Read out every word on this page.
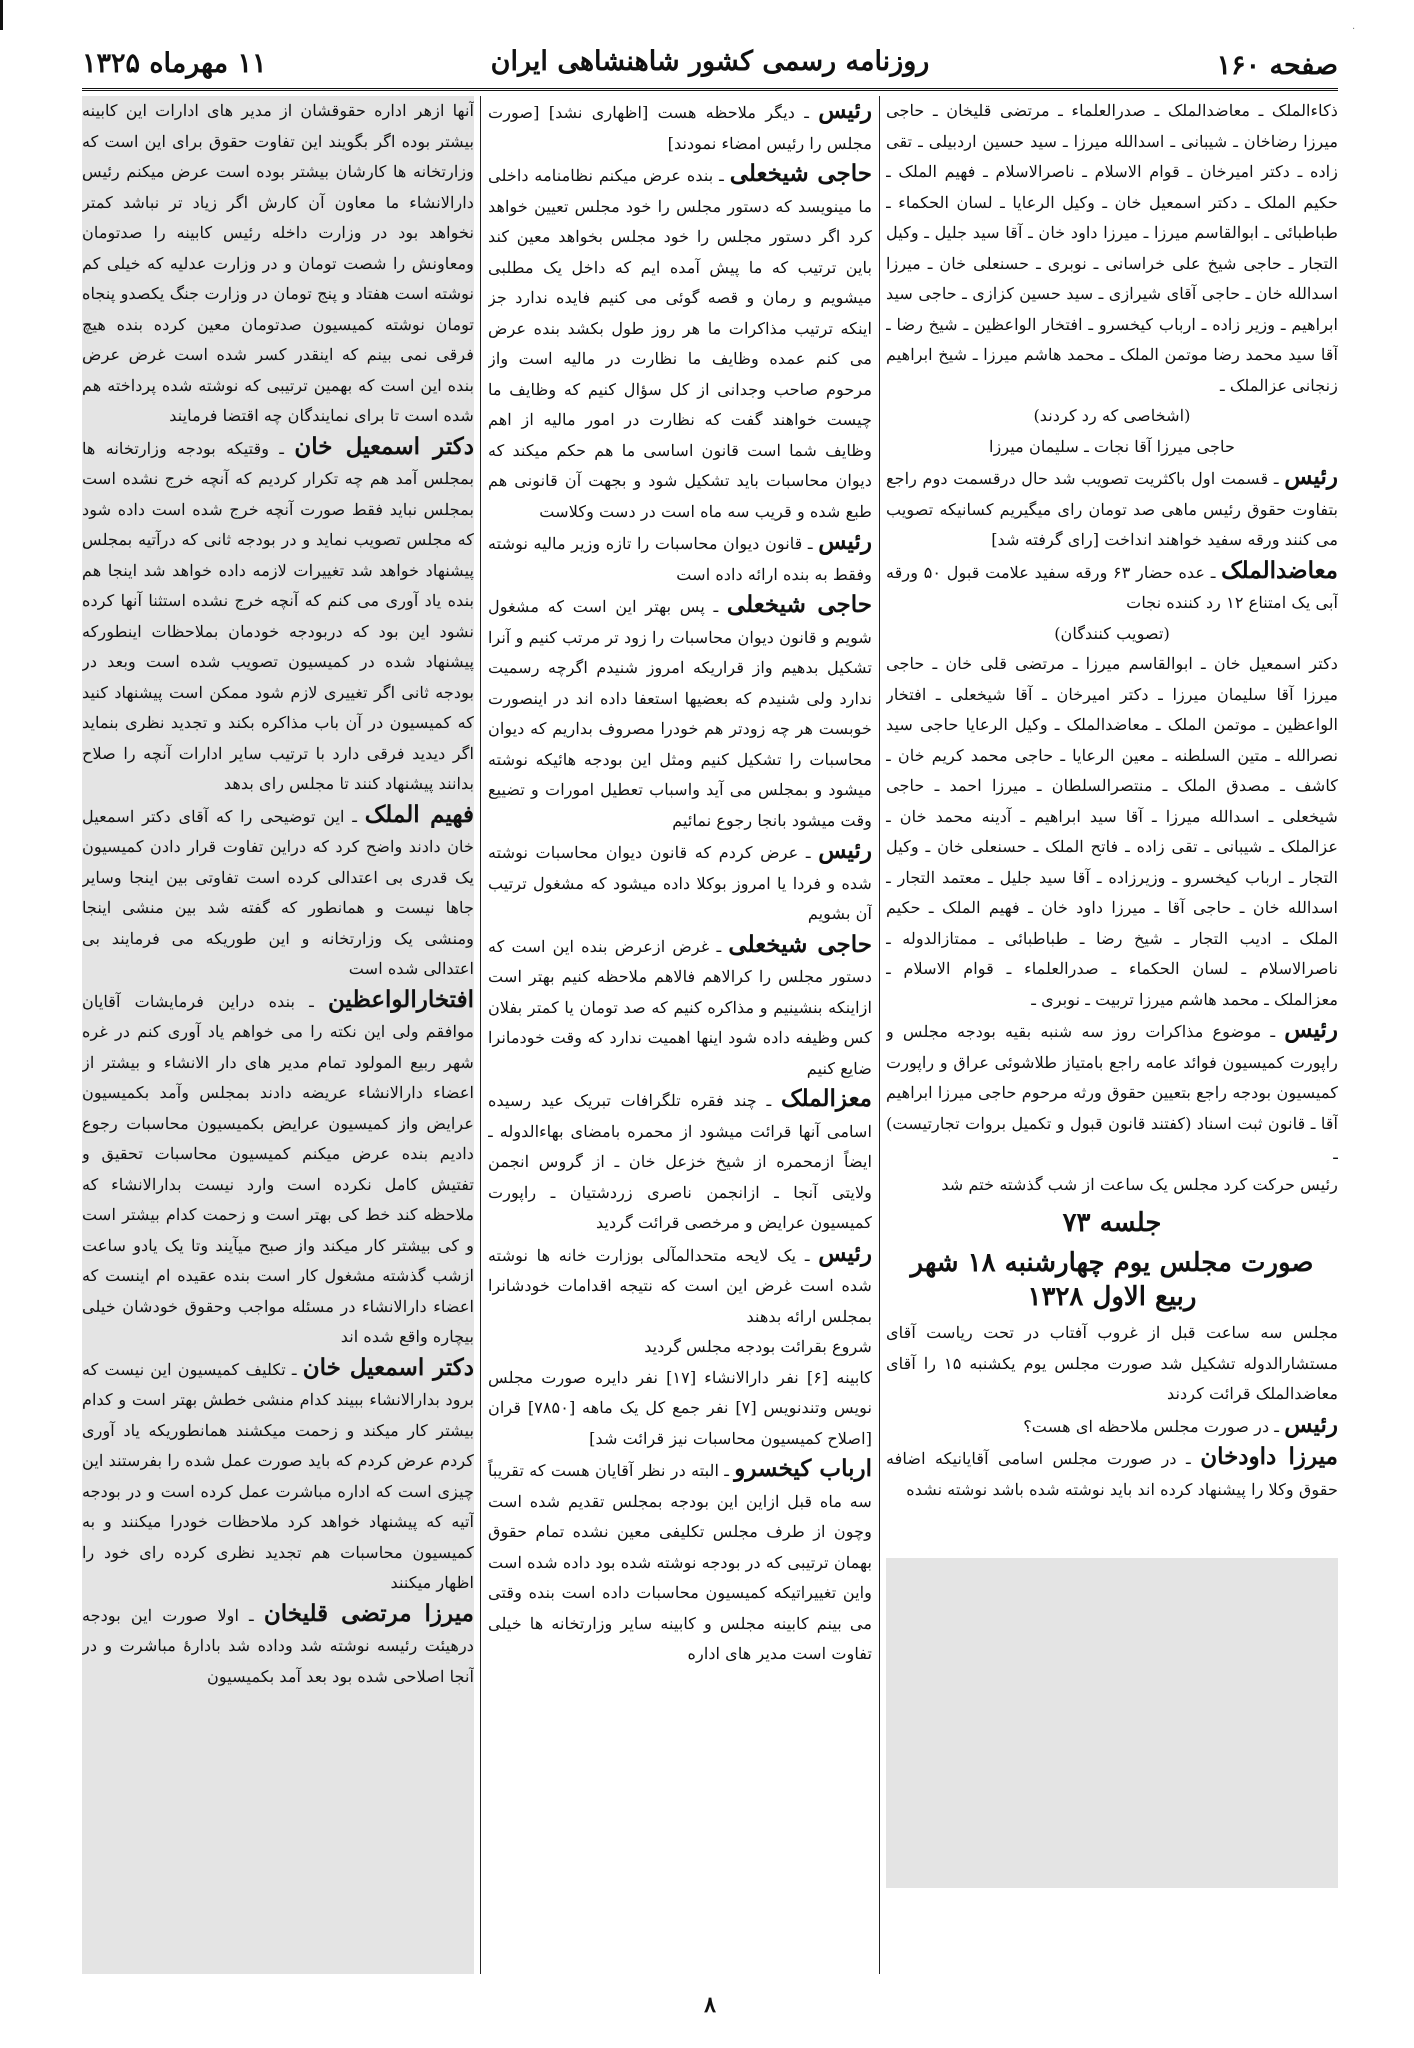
·
۱۱ مهرماه ۱۳۲۵	روزنامه رسمی کشور شاهنشاهی ایران	صفحه ۱۶۰

ذکاءالملک ـ معاضدالملک ـ صدرالعلماء ـ مرتضی قلیخان ـ حاجی میرزا رضاخان ـ شیبانی ـ اسدالله میرزا ـ سید حسین اردبیلی ـ تقی زاده ـ دکتر امیرخان ـ قوام الاسلام ـ ناصرالاسلام ـ فهیم الملک ـ حکیم الملک ـ دکتر اسمعیل خان ـ وکیل الرعایا ـ لسان الحکماء ـ طباطبائی ـ ابوالقاسم میرزا ـ میرزا داود خان ـ آقا سید جلیل ـ وکیل التجار ـ حاجی شیخ علی خراسانی ـ نوبری ـ حسنعلی خان ـ میرزا اسدالله خان ـ حاجی آقای شیرازی ـ سید حسین کزازی ـ حاجی سید ابراهیم ـ وزیر زاده ـ ارباب کیخسرو ـ افتخار الواعظین ـ شیخ رضا ـ آقا سید محمد رضا موتمن الملک ـ محمد هاشم میرزا ـ شیخ ابراهیم زنجانی عزالملک ـ

(اشخاصی که رد کردند)

حاجی میرزا آقا نجات ـ سلیمان میرزا

رئیس ـ قسمت اول باکثریت تصویب شد حال درقسمت دوم راجع بتفاوت حقوق رئیس ماهی صد تومان رای میگیریم کسانیکه تصویب می کنند ورقه سفید خواهند انداخت [رای گرفته شد]

معاضدالملک ـ عده حضار ۶۳ ورقه سفید علامت قبول ۵۰ ورقه آبی یک امتناع ۱۲ رد کننده نجات

(تصویب کنندگان)

دکتر اسمعیل خان ـ ابوالقاسم میرزا ـ مرتضی قلی خان ـ حاجی میرزا آقا سلیمان میرزا ـ دکتر امیرخان ـ آقا شیخعلی ـ افتخار الواعظین ـ موتمن الملک ـ معاضدالملک ـ وکیل الرعایا حاجی سید نصرالله ـ متین السلطنه ـ معین الرعایا ـ حاجی محمد کریم خان ـ کاشف ـ مصدق الملک ـ منتصرالسلطان ـ میرزا احمد ـ حاجی شیخعلی ـ اسدالله میرزا ـ آقا سید ابراهیم ـ آدینه محمد خان ـ عزالملک ـ شیبانی ـ تقی زاده ـ فاتح الملک ـ حسنعلی خان ـ وکیل التجار ـ ارباب کیخسرو ـ وزیرزاده ـ آقا سید جلیل ـ معتمد التجار ـ اسدالله خان ـ حاجی آقا ـ میرزا داود خان ـ فهیم الملک ـ حکیم الملک ـ ادیب التجار ـ شیخ رضا ـ طباطبائی ـ ممتازالدوله ـ ناصرالاسلام ـ لسان الحکماء ـ صدرالعلماء ـ قوام الاسلام ـ معزالملک ـ محمد هاشم میرزا تربیت ـ نوبری ـ

رئیس ـ موضوع مذاکرات روز سه شنبه بقیه بودجه مجلس و راپورت کمیسیون فوائد عامه راجع بامتیاز طلاشوئی عراق و راپورت کمیسیون بودجه راجع بتعیین حقوق ورثه مرحوم حاجی میرزا ابراهیم آقا ـ قانون ثبت اسناد (کفتند قانون قبول و تکمیل بروات تجارتیست) ـ

رئیس حرکت کرد مجلس یک ساعت از شب گذشته ختم شد

جلسه ۷۳
صورت مجلس یوم چهارشنبه ۱۸ شهر ربیع الاول ۱۳۲۸

مجلس سه ساعت قبل از غروب آفتاب در تحت ریاست آقای مستشارالدوله تشکیل شد صورت مجلس یوم یکشنبه ۱۵ را آقای معاضدالملک قرائت کردند

رئیس ـ در صورت مجلس ملاحظه ای هست؟

میرزا داودخان ـ در صورت مجلس اسامی آقایانیکه اضافه حقوق وکلا را پیشنهاد کرده اند باید نوشته شده باشد نوشته نشده

رئیس ـ دیگر ملاحظه هست [اظهاری نشد] [صورت مجلس را رئیس امضاء نمودند]

حاجی شیخعلی ـ بنده عرض میکنم نظامنامه داخلی ما مینویسد که دستور مجلس را خود مجلس تعیین خواهد کرد اگر دستور مجلس را خود مجلس بخواهد معین کند باین ترتیب که ما پیش آمده ایم که داخل یک مطلبی میشویم و رمان و قصه گوئی می کنیم فایده ندارد جز اینکه ترتیب مذاکرات ما هر روز طول بکشد بنده عرض می کنم عمده وظایف ما نظارت در مالیه است واز مرحوم صاحب وجدانی از کل سؤال کنیم که وظایف ما چیست خواهند گفت که نظارت در امور مالیه از اهم وظایف شما است قانون اساسی ما هم حکم میکند که دیوان محاسبات باید تشکیل شود و بجهت آن قانونی هم طبع شده و قریب سه ماه است در دست وکلاست

رئیس ـ قانون دیوان محاسبات را تازه وزیر مالیه نوشته وفقط به بنده ارائه داده است

حاجی شیخعلی ـ پس بهتر این است که مشغول شویم و قانون دیوان محاسبات را زود تر مرتب کنیم و آنرا تشکیل بدهیم واز قراریکه امروز شنیدم اگرچه رسمیت ندارد ولی شنیدم که بعضیها استعفا داده اند در اینصورت خوبست هر چه زودتر هم خودرا مصروف بداریم که دیوان محاسبات را تشکیل کنیم ومثل این بودجه هائیکه نوشته میشود و بمجلس می آید واسباب تعطیل امورات و تضییع وقت میشود بانجا رجوع نمائیم

رئیس ـ عرض کردم که قانون دیوان محاسبات نوشته شده و فردا یا امروز بوکلا داده میشود که مشغول ترتیب آن بشویم

حاجی شیخعلی ـ غرض ازعرض بنده این است که دستور مجلس را کرالاهم فالاهم ملاحظه کنیم بهتر است ازاینکه بنشینیم و مذاکره کنیم که صد تومان یا کمتر بفلان کس وظیفه داده شود اینها اهمیت ندارد که وقت خودمانرا ضایع کنیم

معزالملک ـ چند فقره تلگرافات تبریک عید رسیده اسامی آنها قرائت میشود از محمره بامضای بهاءالدوله ـ ایضاً ازمحمره از شیخ خزعل خان ـ از گروس انجمن ولایتی آنجا ـ ازانجمن ناصری زردشتیان ـ راپورت کمیسیون عرایض و مرخصی قرائت گردید

رئیس ـ یک لایحه متحدالمآلی بوزارت خانه ها نوشته شده است غرض این است که نتیجه اقدامات خودشانرا بمجلس ارائه بدهند

شروع بقرائت بودجه مجلس گردید

کابینه [۶] نفر دارالانشاء [۱۷] نفر دایره صورت مجلس نویس وتندنویس [۷] نفر جمع کل یک ماهه [۷۸۵۰] قران [اصلاح کمیسیون محاسبات نیز قرائت شد]

ارباب کیخسرو ـ البته در نظر آقایان هست که تقریباً سه ماه قبل ازاین این بودجه بمجلس تقدیم شده است وچون از طرف مجلس تکلیفی معین نشده تمام حقوق بهمان ترتیبی که در بودجه نوشته شده بود داده شده است واین تغییراتیکه کمیسیون محاسبات داده است بنده وقتی می بینم کابینه مجلس و کابینه سایر وزارتخانه ها خیلی تفاوت است مدیر های اداره

آنها ازهر اداره حقوقشان از مدیر های ادارات این کابینه بیشتر بوده اگر بگویند این تفاوت حقوق برای این است که وزارتخانه ها کارشان بیشتر بوده است عرض میکنم رئیس دارالانشاء ما معاون آن کارش اگر زیاد تر نباشد کمتر نخواهد بود در وزارت داخله رئیس کابینه را صدتومان ومعاونش را شصت تومان و در وزارت عدلیه که خیلی کم نوشته است هفتاد و پنج تومان در وزارت جنگ یکصدو پنجاه تومان نوشته کمیسیون صدتومان معین کرده بنده هیچ فرقی نمی بینم که اینقدر کسر شده است غرض عرض بنده این است که بهمین ترتیبی که نوشته شده پرداخته هم شده است تا برای نمایندگان چه اقتضا فرمایند

دکتر اسمعیل خان ـ وقتیکه بودجه وزارتخانه ها بمجلس آمد هم چه تکرار کردیم که آنچه خرج نشده است بمجلس نباید فقط صورت آنچه خرج شده است داده شود که مجلس تصویب نماید و در بودجه ثانی که درآتیه بمجلس پیشنهاد خواهد شد تغییرات لازمه داده خواهد شد اینجا هم بنده یاد آوری می کنم که آنچه خرج نشده استثنا آنها کرده نشود این بود که دربودجه خودمان بملاحظات اینطورکه پیشنهاد شده در کمیسیون تصویب شده است وبعد در بودجه ثانی اگر تغییری لازم شود ممکن است پیشنهاد کنید که کمیسیون در آن باب مذاکره بکند و تجدید نظری بنماید اگر دیدید فرقی دارد با ترتیب سایر ادارات آنچه را صلاح بدانند پیشنهاد کنند تا مجلس رای بدهد

فهیم الملک ـ این توضیحی را که آقای دکتر اسمعیل خان دادند واضح کرد که دراین تفاوت قرار دادن کمیسیون یک قدری بی اعتدالی کرده است تفاوتی بین اینجا وسایر جاها نیست و همانطور که گفته شد بین منشی اینجا ومنشی یک وزارتخانه و این طوریکه می فرمایند بی اعتدالی شده است

افتخارالواعظین ـ بنده دراین فرمایشات آقایان موافقم ولی این نکته را می خواهم یاد آوری کنم در غره شهر ربیع المولود تمام مدیر های دار الانشاء و بیشتر از اعضاء دارالانشاء عریضه دادند بمجلس وآمد بکمیسیون عرایض واز کمیسیون عرایض بکمیسیون محاسبات رجوع دادیم بنده عرض میکنم کمیسیون محاسبات تحقیق و تفتیش کامل نکرده است وارد نیست بدارالانشاء که ملاحظه کند خط کی بهتر است و زحمت کدام بیشتر است و کی بیشتر کار میکند واز صبح میآیند وتا یک یادو ساعت ازشب گذشته مشغول کار است بنده عقیده ام اینست که اعضاء دارالانشاء در مسئله مواجب وحقوق خودشان خیلی بیچاره واقع شده اند

دکتر اسمعیل خان ـ تکلیف کمیسیون این نیست که برود بدارالانشاء ببیند کدام منشی خطش بهتر است و کدام بیشتر کار میکند و زحمت میکشند همانطوریکه یاد آوری کردم عرض کردم که باید صورت عمل شده را بفرستند این چیزی است که اداره مباشرت عمل کرده است و در بودجه آتیه که پیشنهاد خواهد کرد ملاحظات خودرا میکنند و به کمیسیون محاسبات هم تجدید نظری کرده رای خود را اظهار میکنند

میرزا مرتضی قلیخان ـ اولا صورت این بودجه درهیئت رئیسه نوشته شد وداده شد بادارۀ مباشرت و در آنجا اصلاحی شده بود بعد آمد بکمیسیون

۸
